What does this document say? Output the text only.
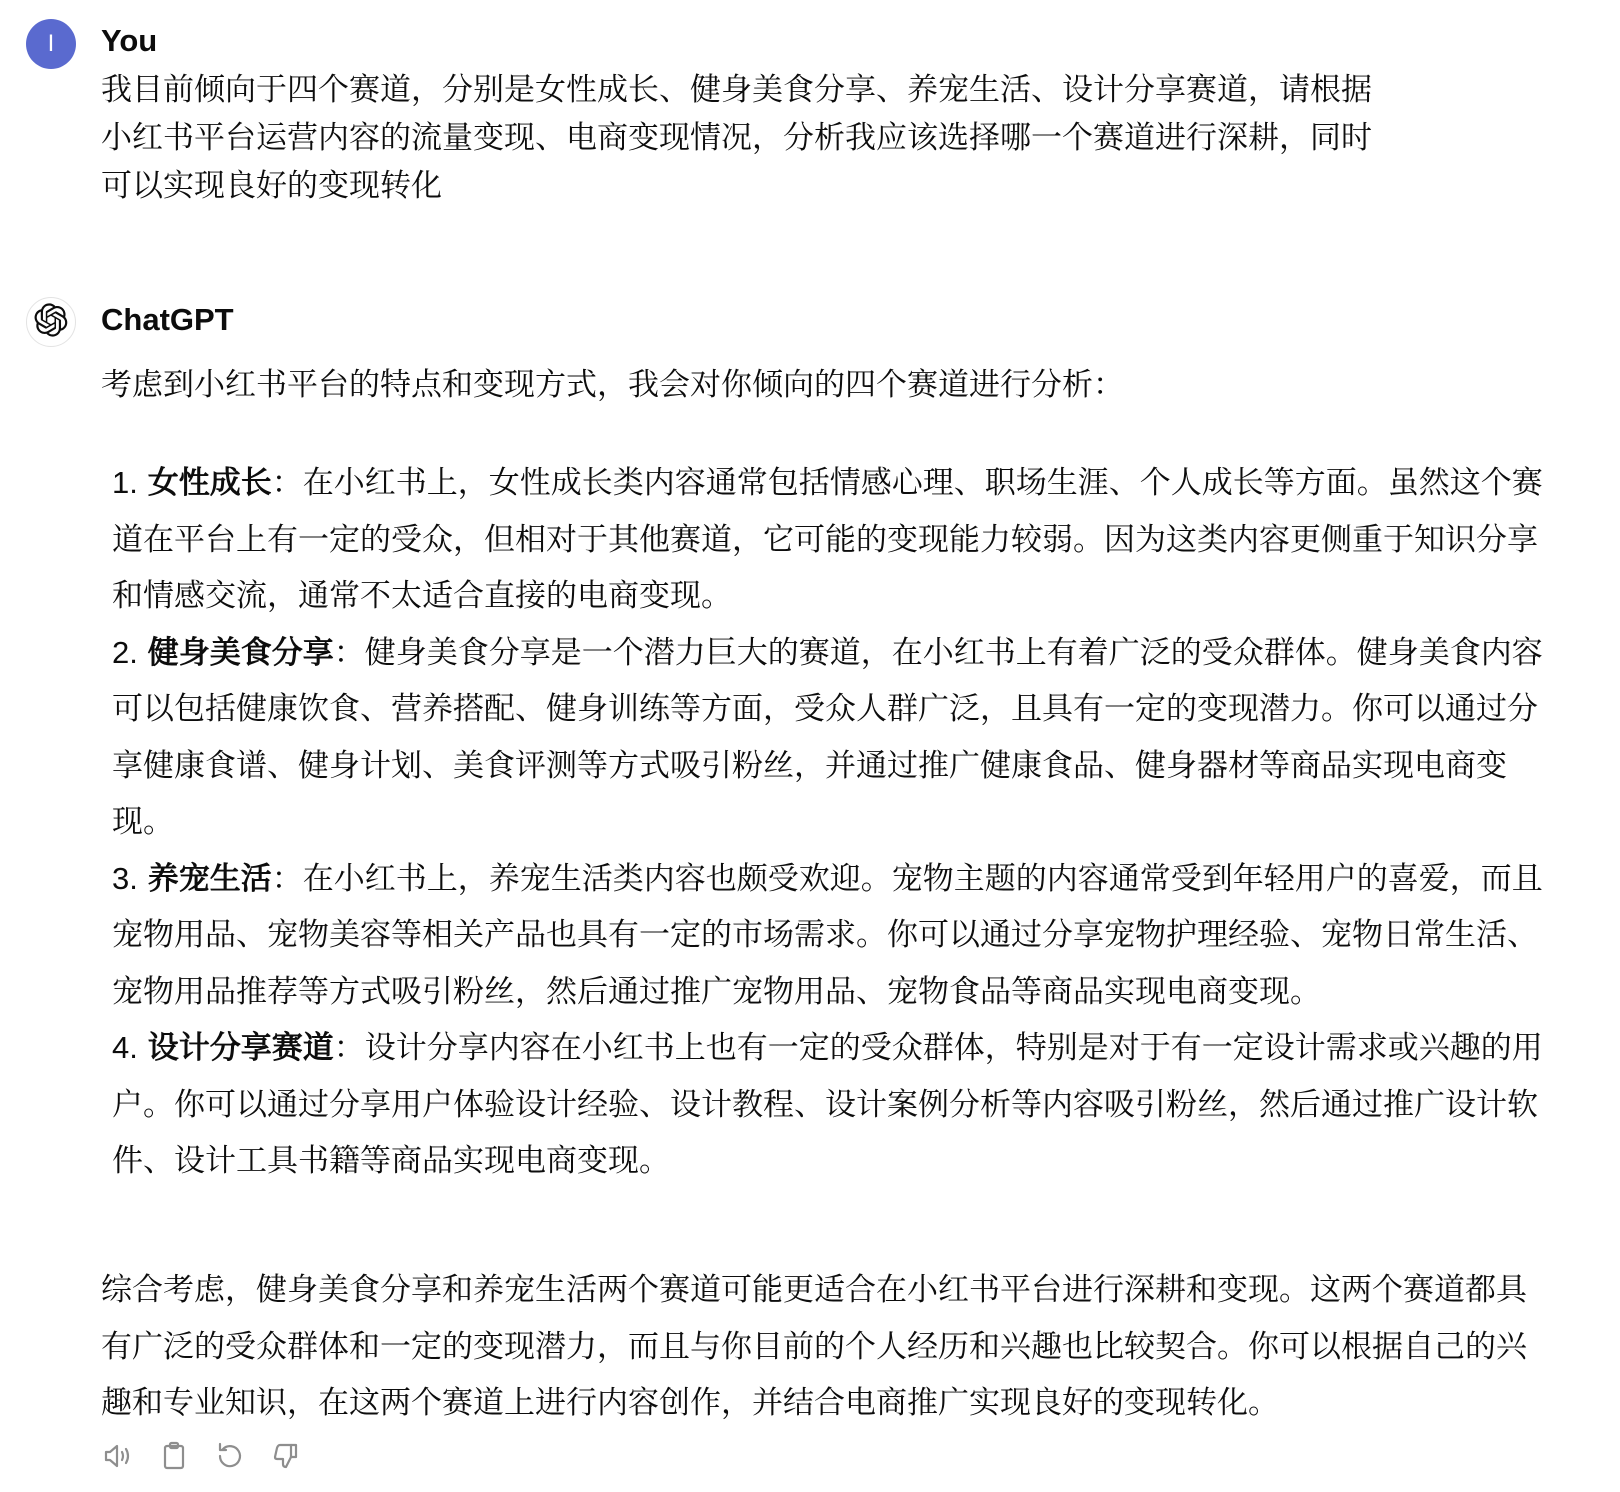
I	You

我目前倾向于四个赛道，分别是女性成长、健身美食分享、养宠生活、设计分享赛道，请根据
小红书平台运营内容的流量变现、电商变现情况，分析我应该选择哪一个赛道进行深耕，同时
可以实现良好的变现转化

ChatGPT

考虑到小红书平台的特点和变现方式，我会对你倾向的四个赛道进行分析：

1. 女性成长：在小红书上，女性成长类内容通常包括情感心理、职场生涯、个人成长等方面。虽然这个赛道在平台上有一定的受众，但相对于其他赛道，它可能的变现能力较弱。因为这类内容更侧重于知识分享和情感交流，通常不太适合直接的电商变现。
2. 健身美食分享：健身美食分享是一个潜力巨大的赛道，在小红书上有着广泛的受众群体。健身美食内容可以包括健康饮食、营养搭配、健身训练等方面，受众人群广泛，且具有一定的变现潜力。你可以通过分享健康食谱、健身计划、美食评测等方式吸引粉丝，并通过推广健康食品、健身器材等商品实现电商变现。
3. 养宠生活：在小红书上，养宠生活类内容也颇受欢迎。宠物主题的内容通常受到年轻用户的喜爱，而且宠物用品、宠物美容等相关产品也具有一定的市场需求。你可以通过分享宠物护理经验、宠物日常生活、宠物用品推荐等方式吸引粉丝，然后通过推广宠物用品、宠物食品等商品实现电商变现。
4. 设计分享赛道：设计分享内容在小红书上也有一定的受众群体，特别是对于有一定设计需求或兴趣的用户。你可以通过分享用户体验设计经验、设计教程、设计案例分析等内容吸引粉丝，然后通过推广设计软件、设计工具书籍等商品实现电商变现。

综合考虑，健身美食分享和养宠生活两个赛道可能更适合在小红书平台进行深耕和变现。这两个赛道都具有广泛的受众群体和一定的变现潜力，而且与你目前的个人经历和兴趣也比较契合。你可以根据自己的兴趣和专业知识，在这两个赛道上进行内容创作，并结合电商推广实现良好的变现转化。
